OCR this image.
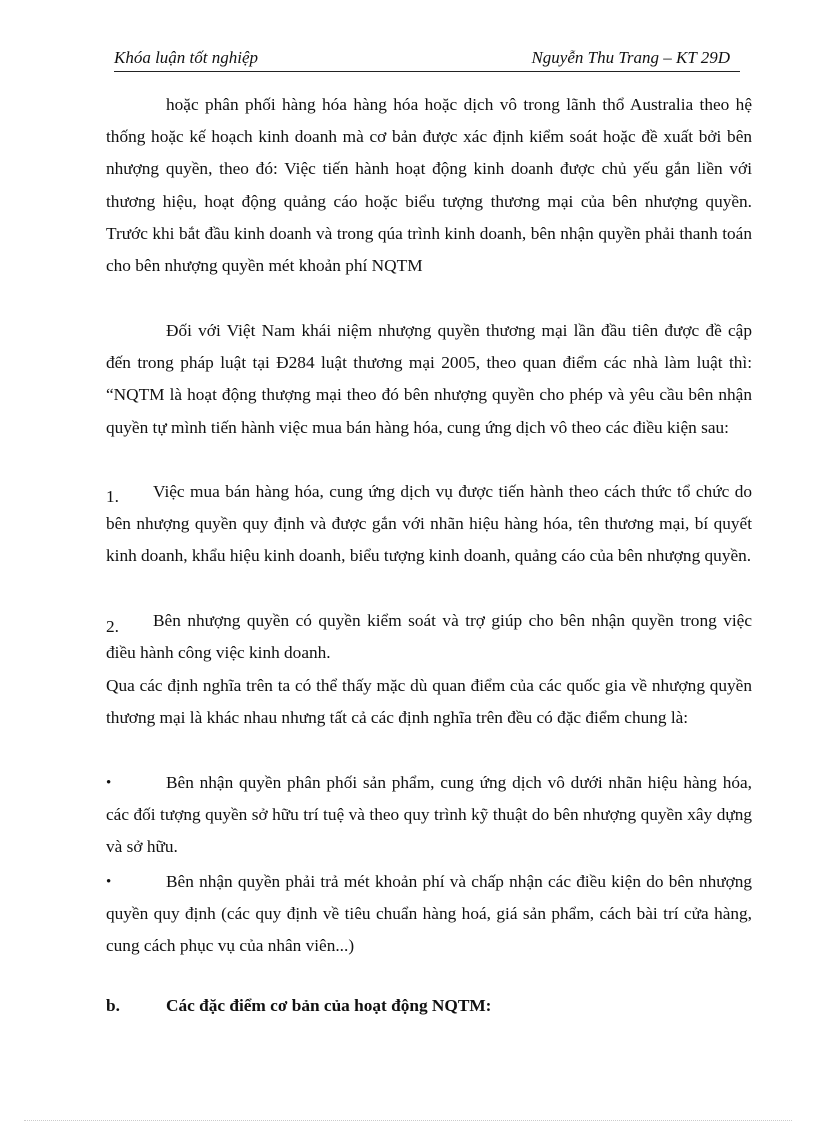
Khóa luận tốt nghiệp	Nguyễn Thu Trang – KT 29D

hoặc phân phối hàng hóa hàng hóa hoặc dịch vô trong lãnh thổ Australia theo hệ thống hoặc kế hoạch kinh doanh mà cơ bản được xác định kiểm soát hoặc đề xuất bởi bên nhượng quyền, theo đó: Việc tiến hành hoạt động kinh doanh được chủ yếu gắn liền với thương hiệu, hoạt động quảng cáo hoặc biểu tượng thương mại của bên nhượng quyền. Trước khi bắt đầu kinh doanh và trong qúa trình kinh doanh, bên nhận quyền phải thanh toán cho bên nhượng quyền mét khoản phí NQTM

Đối với Việt Nam khái niệm nhượng quyền thương mại lần đầu tiên được đề cập đến trong pháp luật tại Đ284 luật thương mại 2005, theo quan điểm các nhà làm luật thì: “NQTM là hoạt động thượng mại theo đó bên nhượng quyền cho phép và yêu cầu bên nhận quyền tự mình tiến hành việc mua bán hàng hóa, cung ứng dịch vô theo các điều kiện sau:

1.	Việc mua bán hàng hóa, cung ứng dịch vụ được tiến hành theo cách thức tổ chức do bên nhượng quyền quy định và được gắn với nhãn hiệu hàng hóa, tên thương mại, bí quyết kinh doanh, khẩu hiệu kinh doanh, biểu tượng kinh doanh, quảng cáo của bên nhượng quyền.

2.	Bên nhượng quyền có quyền kiểm soát và trợ giúp cho bên nhận quyền trong việc điều hành công việc kinh doanh.

Qua các định nghĩa trên ta có thể thấy mặc dù quan điểm của các quốc gia về nhượng quyền thương mại là khác nhau nhưng tất cả các định nghĩa trên đều có đặc điểm chung là:

•	Bên nhận quyền phân phối sản phẩm, cung ứng dịch vô dưới nhãn hiệu hàng hóa, các đối tượng quyền sở hữu trí tuệ và theo quy trình kỹ thuật do bên nhượng quyền xây dựng và sở hữu.

•	Bên nhận quyền phải trả mét khoản phí và chấp nhận các điều kiện do bên nhượng quyền quy định (các quy định về tiêu chuẩn hàng hoá, giá sản phẩm, cách bài trí cửa hàng, cung cách phục vụ của nhân viên...)

b.	Các đặc điểm cơ bản của hoạt động NQTM:
